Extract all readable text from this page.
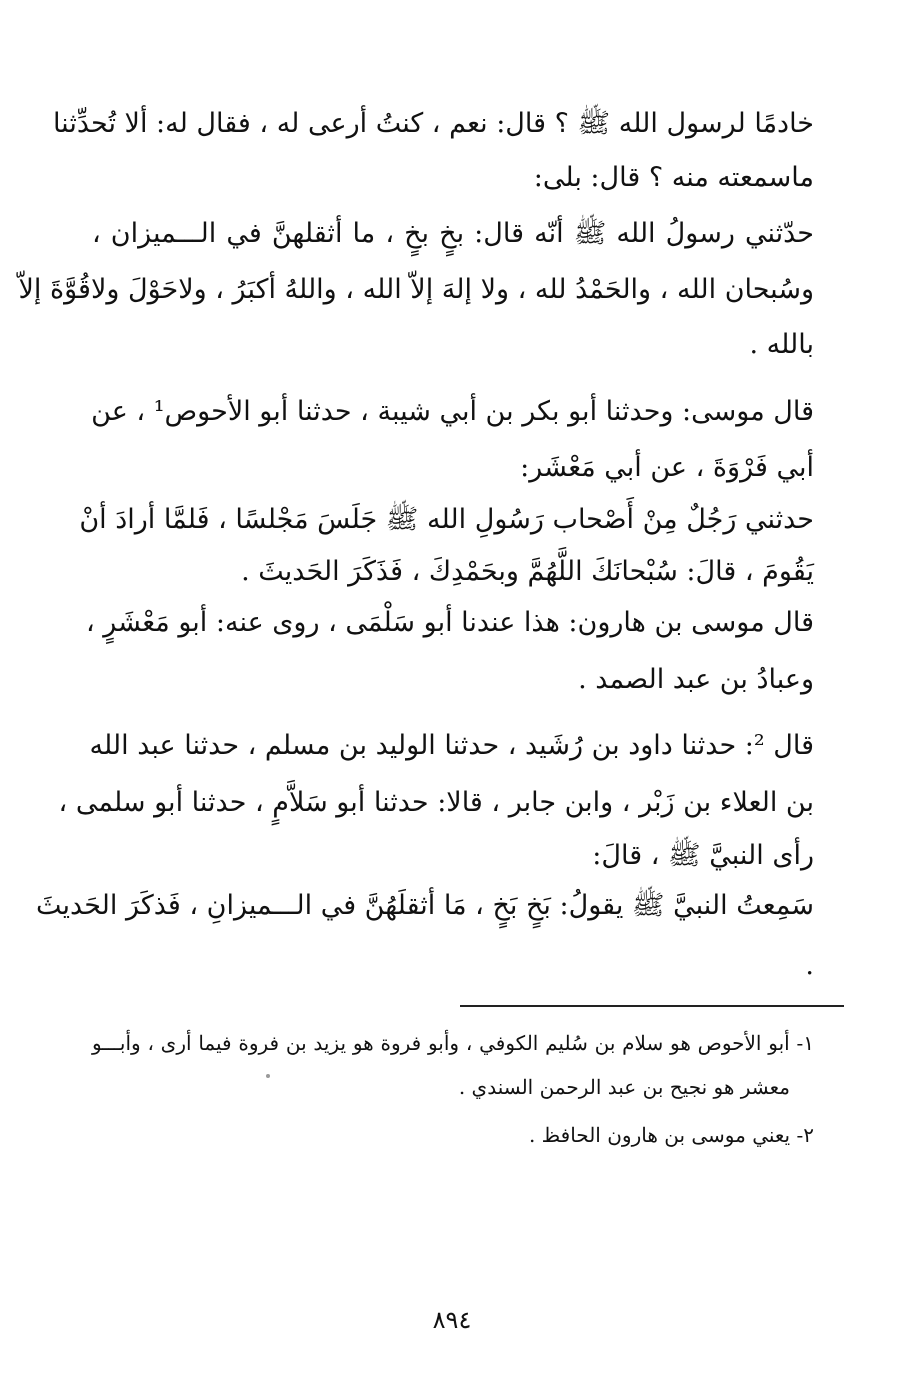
خادمًا لرسول الله ﷺ ؟ قال: نعم ، كنتُ أرعى له ، فقال له: ألا تُحدِّثنا
ماسمعته منه ؟ قال: بلى:
حدّثني رسولُ الله ﷺ أنّه قال: بخٍ بخٍ ، ما أثقلهنَّ في الـــميزان ،
وسُبحان الله ، والحَمْدُ لله ، ولا إلهَ إلاّ الله ، واللهُ أكبَرُ ، ولاحَوْلَ ولاقُوَّةَ إلاّ
بالله .
قال موسى: وحدثنا أبو بكر بن أبي شيبة ، حدثنا أبو الأحوص¹ ، عن
أبي فَرْوَةَ ، عن أبي مَعْشَر:
حدثني رَجُلٌ مِنْ أَصْحاب رَسُولِ الله ﷺ جَلَسَ مَجْلسًا ، فَلمَّا أرادَ أنْ
يَقُومَ ، قالَ: سُبْحانَكَ اللَّهُمَّ وبحَمْدِكَ ، فَذَكَرَ الحَديثَ .
قال موسى بن هارون: هذا عندنا أبو سَلْمَى ، روى عنه: أبو مَعْشَرٍ ،
وعبادُ بن عبد الصمد .
قال ²: حدثنا داود بن رُشَيد ، حدثنا الوليد بن مسلم ، حدثنا عبد الله
بن العلاء بن زَبْر ، وابن جابر ، قالا: حدثنا أبو سَلاَّمٍ ، حدثنا أبو سلمى ،
رأى النبيَّ ﷺ ، قالَ:
سَمِعتُ النبيَّ ﷺ يقولُ: بَخٍ بَخٍ ، مَا أثقلَهُنَّ في الـــميزانِ ، فَذكَرَ الحَديثَ
.
١- أبو الأحوص هو سلام بن سُليم الكوفي ، وأبو فروة هو يزيد بن فروة فيما أرى ، وأبـــو
معشر هو نجيح بن عبد الرحمن السندي .
٢- يعني موسى بن هارون الحافظ .
٨٩٤
